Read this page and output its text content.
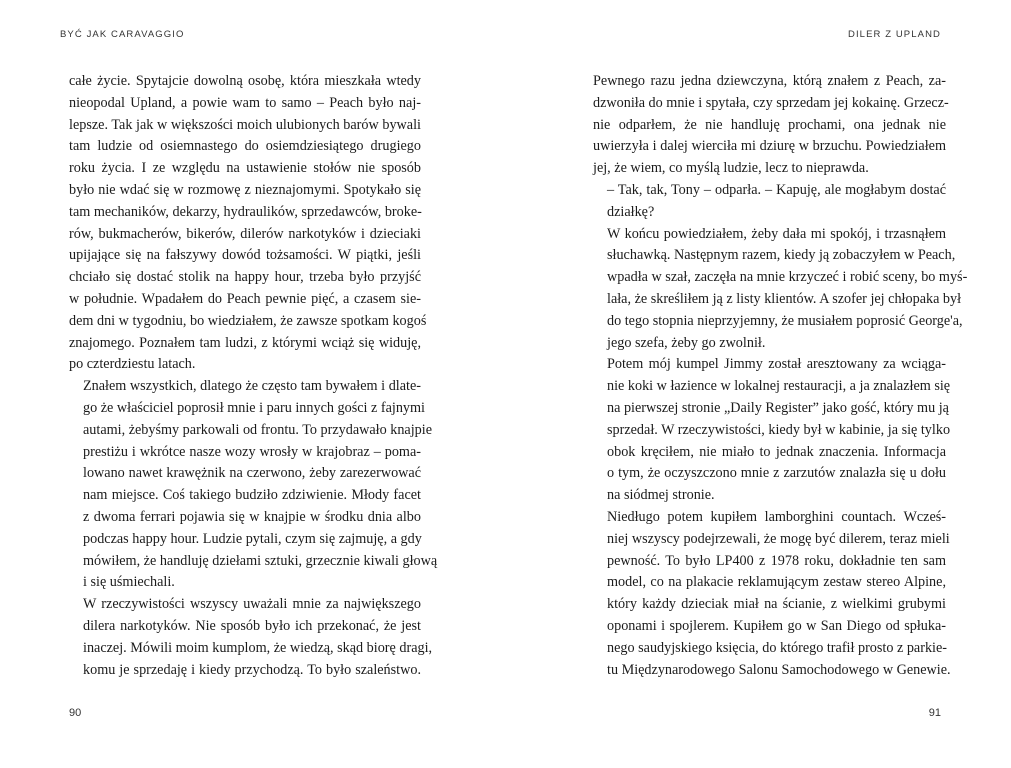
BYĆ JAK CARAVAGGIO

całe życie. Spytajcie dowolną osobę, która mieszkała wtedy
nieopodal Upland, a powie wam to samo – Peach było naj-
lepsze. Tak jak w większości moich ulubionych barów bywali
tam ludzie od osiemnastego do osiemdziesiątego drugiego
roku życia. I ze względu na ustawienie stołów nie sposób
było nie wdać się w rozmowę z nieznajomymi. Spotykało się
tam mechaników, dekarzy, hydraulików, sprzedawców, broke-
rów, bukmacherów, bikerów, dilerów narkotyków i dzieciaki
upijające się na fałszywy dowód tożsamości. W piątki, jeśli
chciało się dostać stolik na happy hour, trzeba było przyjść
w południe. Wpadałem do Peach pewnie pięć, a czasem sie-
dem dni w tygodniu, bo wiedziałem, że zawsze spotkam kogoś
znajomego. Poznałem tam ludzi, z którymi wciąż się widuję,
po czterdziestu latach.

Znałem wszystkich, dlatego że często tam bywałem i dlate-
go że właściciel poprosił mnie i paru innych gości z fajnymi
autami, żebyśmy parkowali od frontu. To przydawało knajpie
prestiżu i wkrótce nasze wozy wrosły w krajobraz – poma-
lowano nawet krawężnik na czerwono, żeby zarezerwować
nam miejsce. Coś takiego budziło zdziwienie. Młody facet
z dwoma ferrari pojawia się w knajpie w środku dnia albo
podczas happy hour. Ludzie pytali, czym się zajmuję, a gdy
mówiłem, że handluję dziełami sztuki, grzecznie kiwali głową
i się uśmiechali.

W rzeczywistości wszyscy uważali mnie za największego
dilera narkotyków. Nie sposób było ich przekonać, że jest
inaczej. Mówili moim kumplom, że wiedzą, skąd biorę dragi,
komu je sprzedaję i kiedy przychodzą. To było szaleństwo.

90
DILER Z UPLAND

Pewnego razu jedna dziewczyna, którą znałem z Peach, za-
dzwoniła do mnie i spytała, czy sprzedam jej kokainę. Grzecz-
nie odparłem, że nie handluję prochami, ona jednak nie
uwierzyła i dalej wierciła mi dziurę w brzuchu. Powiedziałem
jej, że wiem, co myślą ludzie, lecz to nieprawda.

– Tak, tak, Tony – odparła. – Kapuję, ale mogłabym dostać
działkę?

W końcu powiedziałem, żeby dała mi spokój, i trzasnąłem
słuchawką. Następnym razem, kiedy ją zobaczyłem w Peach,
wpadła w szał, zaczęła na mnie krzyczeć i robić sceny, bo myś-
lała, że skreśliłem ją z listy klientów. A szofer jej chłopaka był
do tego stopnia nieprzyjemny, że musiałem poprosić George'a,
jego szefa, żeby go zwolnił.

Potem mój kumpel Jimmy został aresztowany za wciąga-
nie koki w łazience w lokalnej restauracji, a ja znalazłem się
na pierwszej stronie „Daily Register” jako gość, który mu ją
sprzedał. W rzeczywistości, kiedy był w kabinie, ja się tylko
obok kręciłem, nie miało to jednak znaczenia. Informacja
o tym, że oczyszczono mnie z zarzutów znalazła się u dołu
na siódmej stronie.

Niedługo potem kupiłem lamborghini countach. Wcześ-
niej wszyscy podejrzewali, że mogę być dilerem, teraz mieli
pewność. To było LP400 z 1978 roku, dokładnie ten sam
model, co na plakacie reklamującym zestaw stereo Alpine,
który każdy dzieciak miał na ścianie, z wielkimi grubymi
oponami i spojlerem. Kupiłem go w San Diego od spłuka-
nego saudyjskiego księcia, do którego trafił prosto z parkie-
tu Międzynarodowego Salonu Samochodowego w Genewie.

91
